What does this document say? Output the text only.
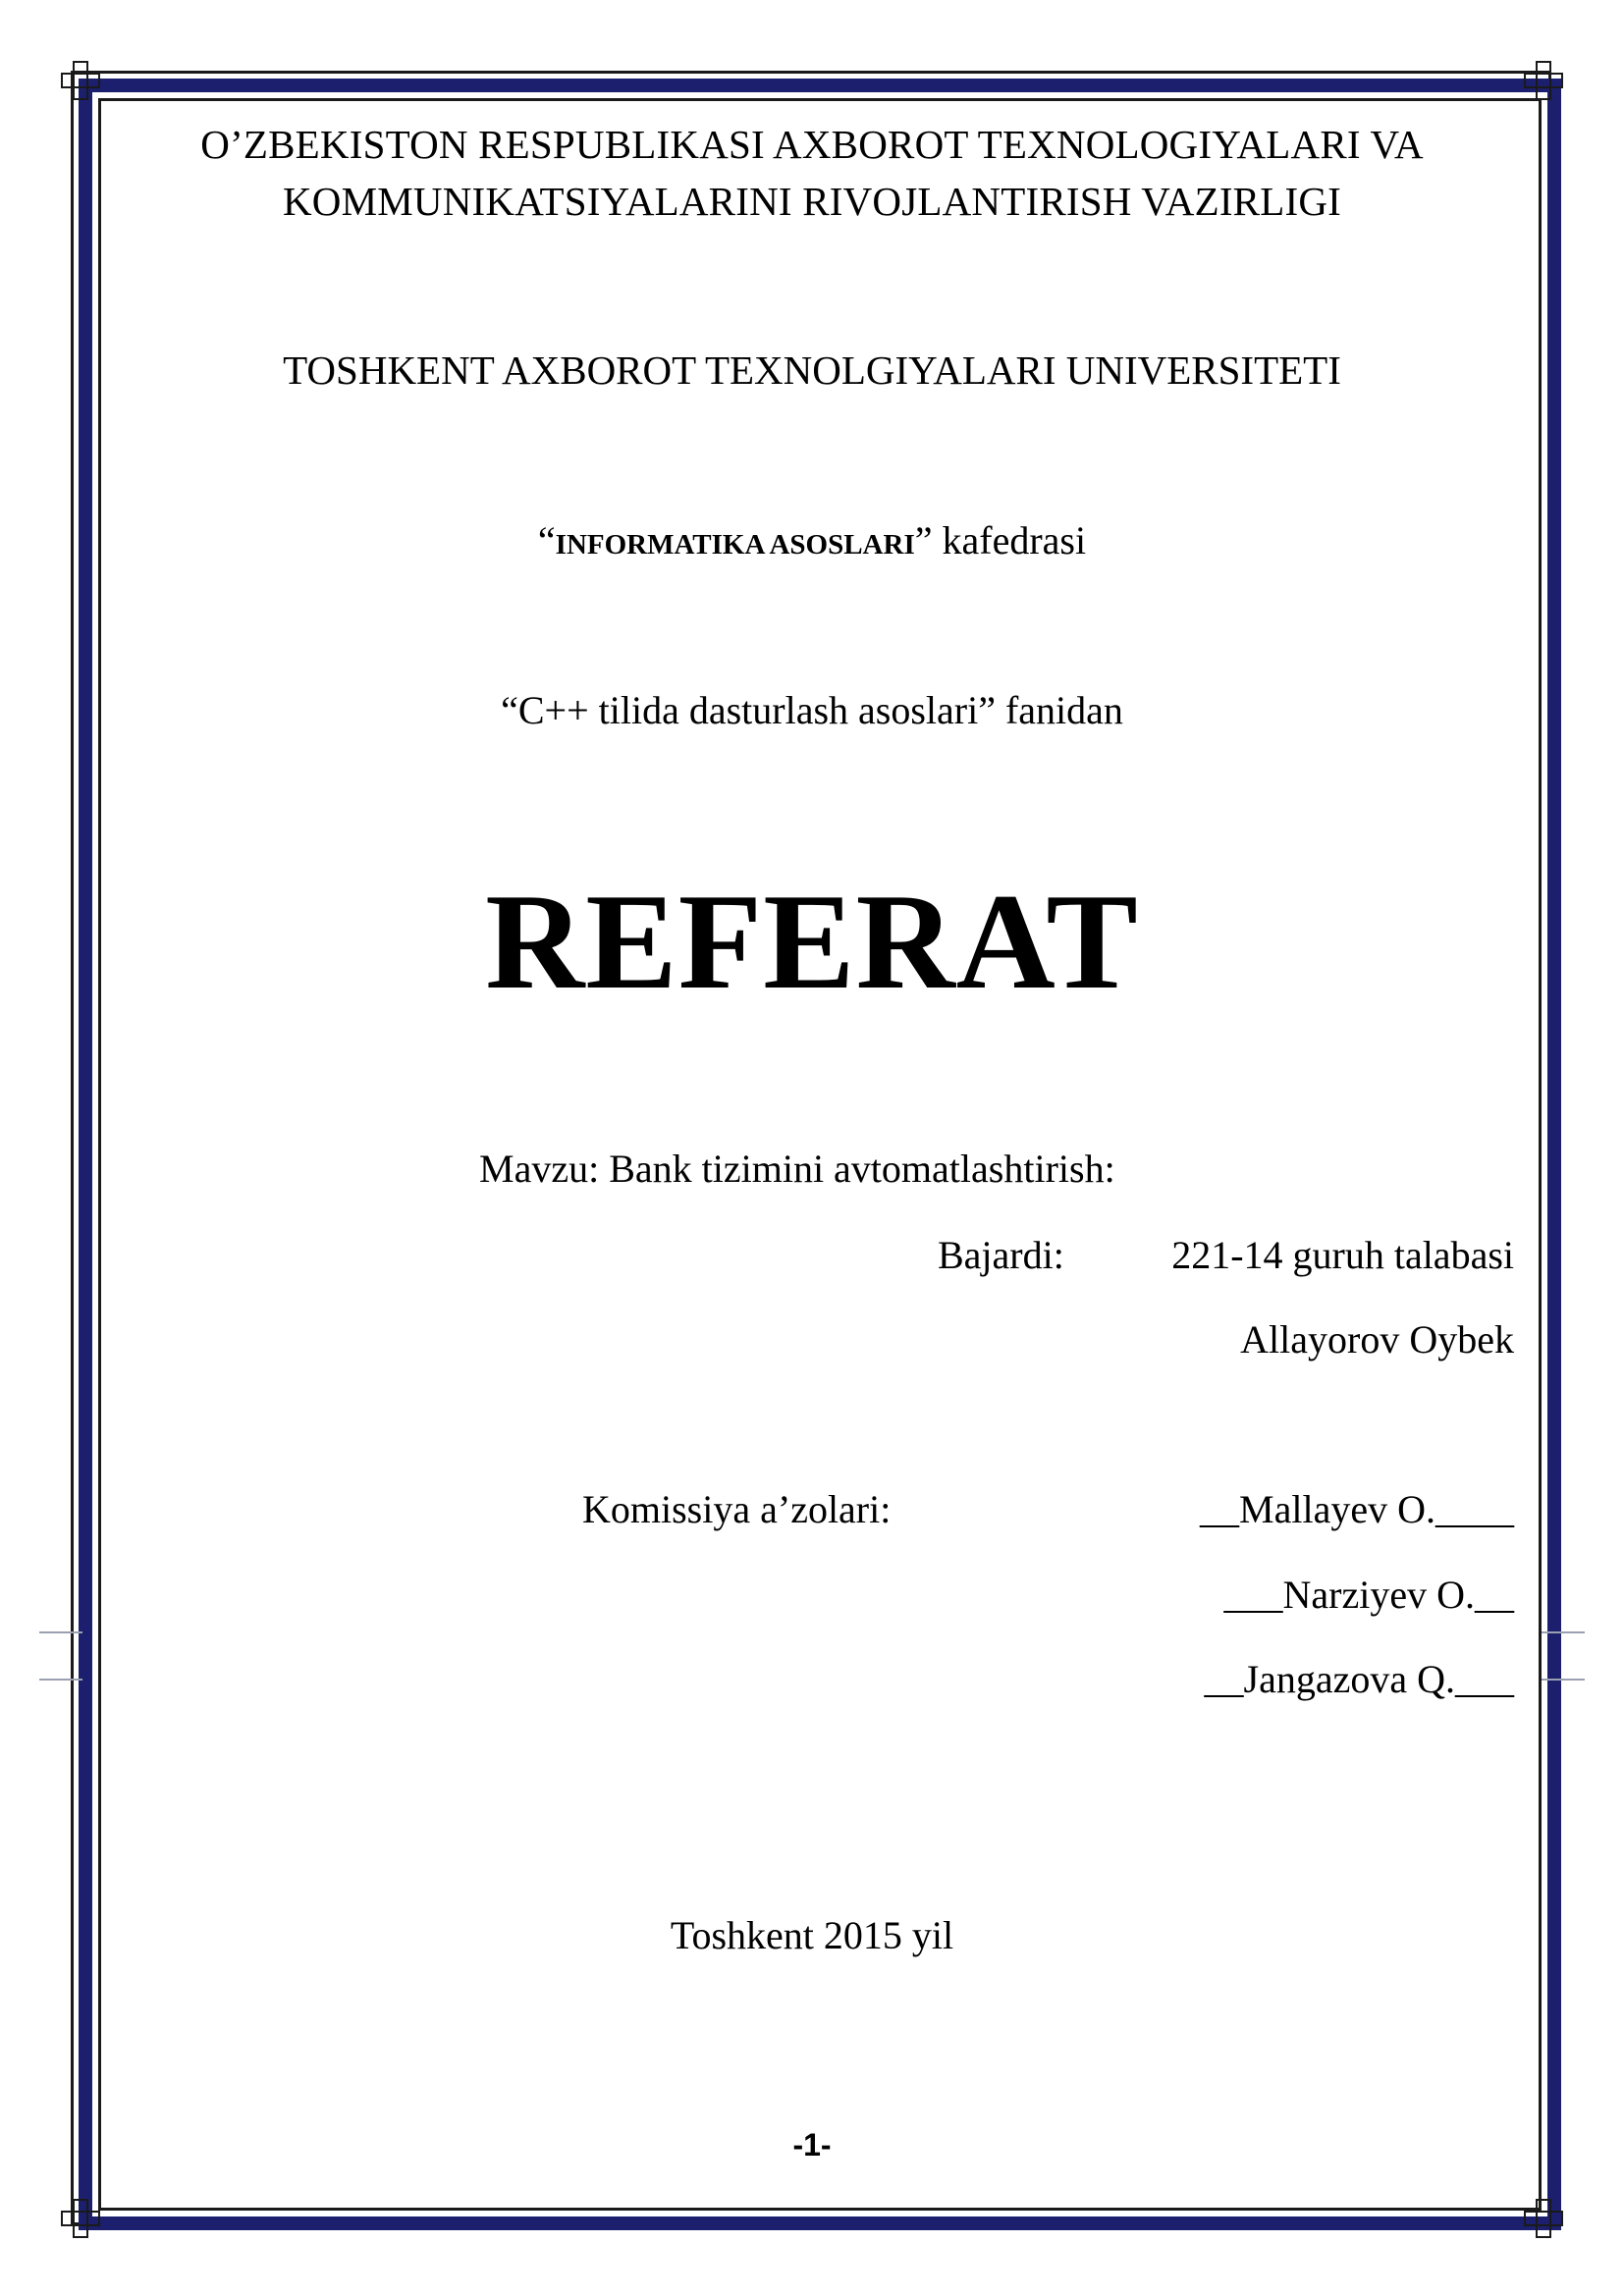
O’ZBEKISTON RESPUBLIKASI AXBOROT TEXNOLOGIYALARI VA
KOMMUNIKATSIYALARINI RIVOJLANTIRISH VAZIRLIGI
TOSHKENT AXBOROT TEXNOLGIYALARI UNIVERSITETI
“INFORMATIKA ASOSLARI” kafedrasi
“C++ tilida dasturlash asoslari” fanidan
REFERAT
Mavzu: Bank tizimini avtomatlashtirish:
Bajardi:	221-14 guruh talabasi
Allayorov Oybek
Komissiya a’zolari:	__Mallayev O.____
___Narziyev O.__
__Jangazova Q.___
Toshkent 2015 yil
-1-
